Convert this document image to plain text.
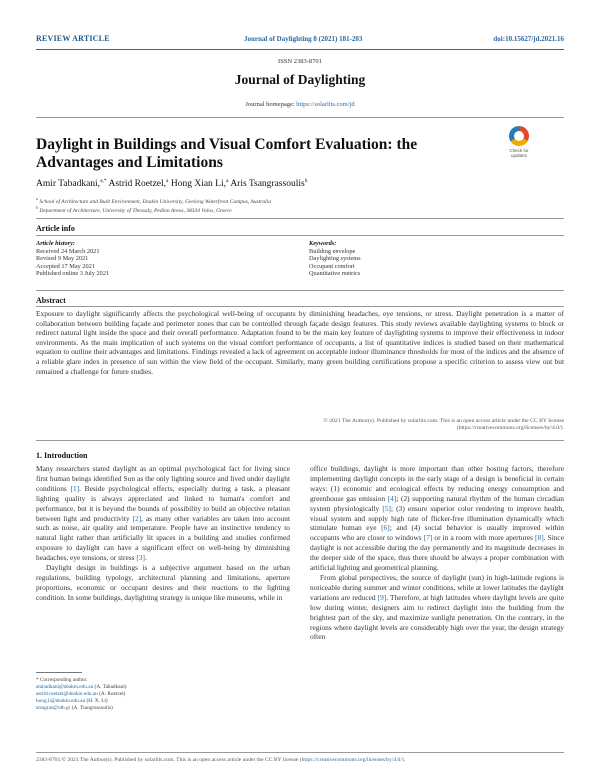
REVIEW ARTICLE	Journal of Daylighting 8 (2021) 181-203	doi:10.15627/jd.2021.16
ISSN 2383-8701
Journal of Daylighting
Journal homepage: https://solarlits.com/jd
Daylight in Buildings and Visual Comfort Evaluation: the Advantages and Limitations
Check for
updates
Amir Tabadkani,$^{a,*}$ Astrid Roetzel,$^a$ Hong Xian Li,$^a$ Aris Tsangrassoulis$^b$
$^a$ School of Architecture and Built Environment, Deakin University, Geelong Waterfront Campus, Australia
$^b$ Department of Architecture, University of Thessaly, Pedion Areos, 38334 Volos, Greece
Article info
Article history:
Received 24 March 2021
Revised 9 May 2021
Accepted 17 May 2021
Published online 3 July 2021
Keywords:
Building envelope
Daylighting systems
Occupant comfort
Quantitative metrics
Abstract
Exposure to daylight significantly affects the psychological well-being of occupants by diminishing headaches, eye tensions, or stress. Daylight penetration is a matter of collaboration between building façade and perimeter zones that can be controlled through façade design features. This study reviews available daylighting systems to block or redirect natural light inside the space and their overall performance. Adaptation found to be the main key feature of daylighting systems to improve their effectiveness in indoor environments. As the main implication of such systems on the visual comfort performance of occupants, a list of quantitative indices is studied based on their mathematical equation to outline their advantages and limitations. Findings revealed a lack of agreement on acceptable indoor illuminance thresholds for most of the indices and the absence of a reliable glare index in presence of sun within the view field of the occupant. Similarly, many green building certifications propose a specific criterion to assess view out but remained a challenge for future studies.
© 2021 The Author(s). Published by solarlits.com. This is an open access article under the CC BY license
(https://creativecommons.org/licenses/by/4.0/).
1. Introduction

Many researchers stated daylight as an optimal psychological fact for living since first human beings identified Sun as the only lighting source and lived under daylight conditions [1]. Beside psychological effects, especially during a task, a pleasant lighting quality is always appreciated and linked to human's comfort and performance, but it is beyond the bounds of possibility to build an objective relation between light and productivity [2], as many other variables are taken into account such as noise, air quality and temperature. People have an instinctive tendency to natural light rather than artificially lit spaces in a building and studies confirmed exposure to daylight can have a significant effect on well-being by diminishing headaches, eye tensions, or stress [3].

Daylight design in buildings is a subjective argument based on the urban regulations, building typology, architectural planning and limitations, aperture proportions, economic or occupant desires and their reactions to the lighting condition. In some buildings, daylighting strategy is unique like museums, while in

office buildings, daylight is more important than other hosting factors, therefore implementing daylight concepts in the early stage of a design is beneficial in certain ways: (1) economic and ecological effects by reducing energy consumption and greenhouse gas emission [4]; (2) supporting natural rhythm of the human circadian system physiologically [5]; (3) ensure superior color rendering to improve health, visual system and supply high rate of flicker-free illumination dynamically which stimulate human eye [6]; and (4) social behavior is usually improved within occupants who are closer to windows [7] or in a room with more apertures [8]. Since daylight is not accessible during the day permanently and its magnitude decreases in the deeper side of the space, thus there should be always a proper combination with artificial lighting and geometrical planning.

From global perspectives, the source of daylight (sun) in high-latitude regions is noticeable during summer and winter conditions, while at lower latitudes the daylight variations are reduced [9]. Therefore, at high latitudes where daylight levels are quite low during winter, designers aim to redirect daylight into the building from the brightest part of the sky, and maximize sunlight penetration. On the contrary, in the regions where daylight levels are considerably high over the year, the design strategy often

* Corresponding author.
atabadkani@deakin.edu.au (A. Tabadkani)
astrid.roetzel@deakin.edu.au (A. Roetzel)
hong.li@deakin.edu.au (H. X. Li)
atsagras@uth.gr (A. Tsangrassoulis)
2383-8701/© 2021 The Author(s). Published by solarlits.com. This is an open access article under the CC BY license (https://creativecommons.org/licenses/by/4.0/).
